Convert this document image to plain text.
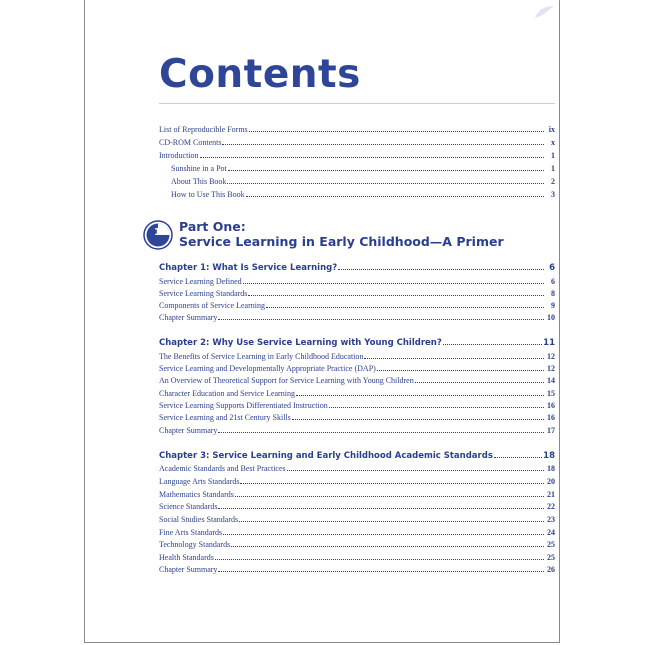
Contents
List of Reproducible Forms	ix
CD-ROM Contents	x
Introduction	1
Sunshine in a Pot	1
About This Book	2
How to Use This Book	3
1 Part One:
Service Learning in Early Childhood—A Primer
Chapter 1: What Is Service Learning?	6
Service Learning Defined	6
Service Learning Standards	8
Components of Service Learning	9
Chapter Summary	10
Chapter 2: Why Use Service Learning with Young Children?	11
The Benefits of Service Learning in Early Childhood Education	12
Service Learning and Developmentally Appropriate Practice (DAP)	12
An Overview of Theoretical Support for Service Learning with Young Children	14
Character Education and Service Learning	15
Service Learning Supports Differentiated Instruction	16
Service Learning and 21st Century Skills	16
Chapter Summary	17
Chapter 3: Service Learning and Early Childhood Academic Standards	18
Academic Standards and Best Practices	18
Language Arts Standards	20
Mathematics Standards	21
Science Standards	22
Social Studies Standards	23
Fine Arts Standards	24
Technology Standards	25
Health Standards	25
Chapter Summary	26
